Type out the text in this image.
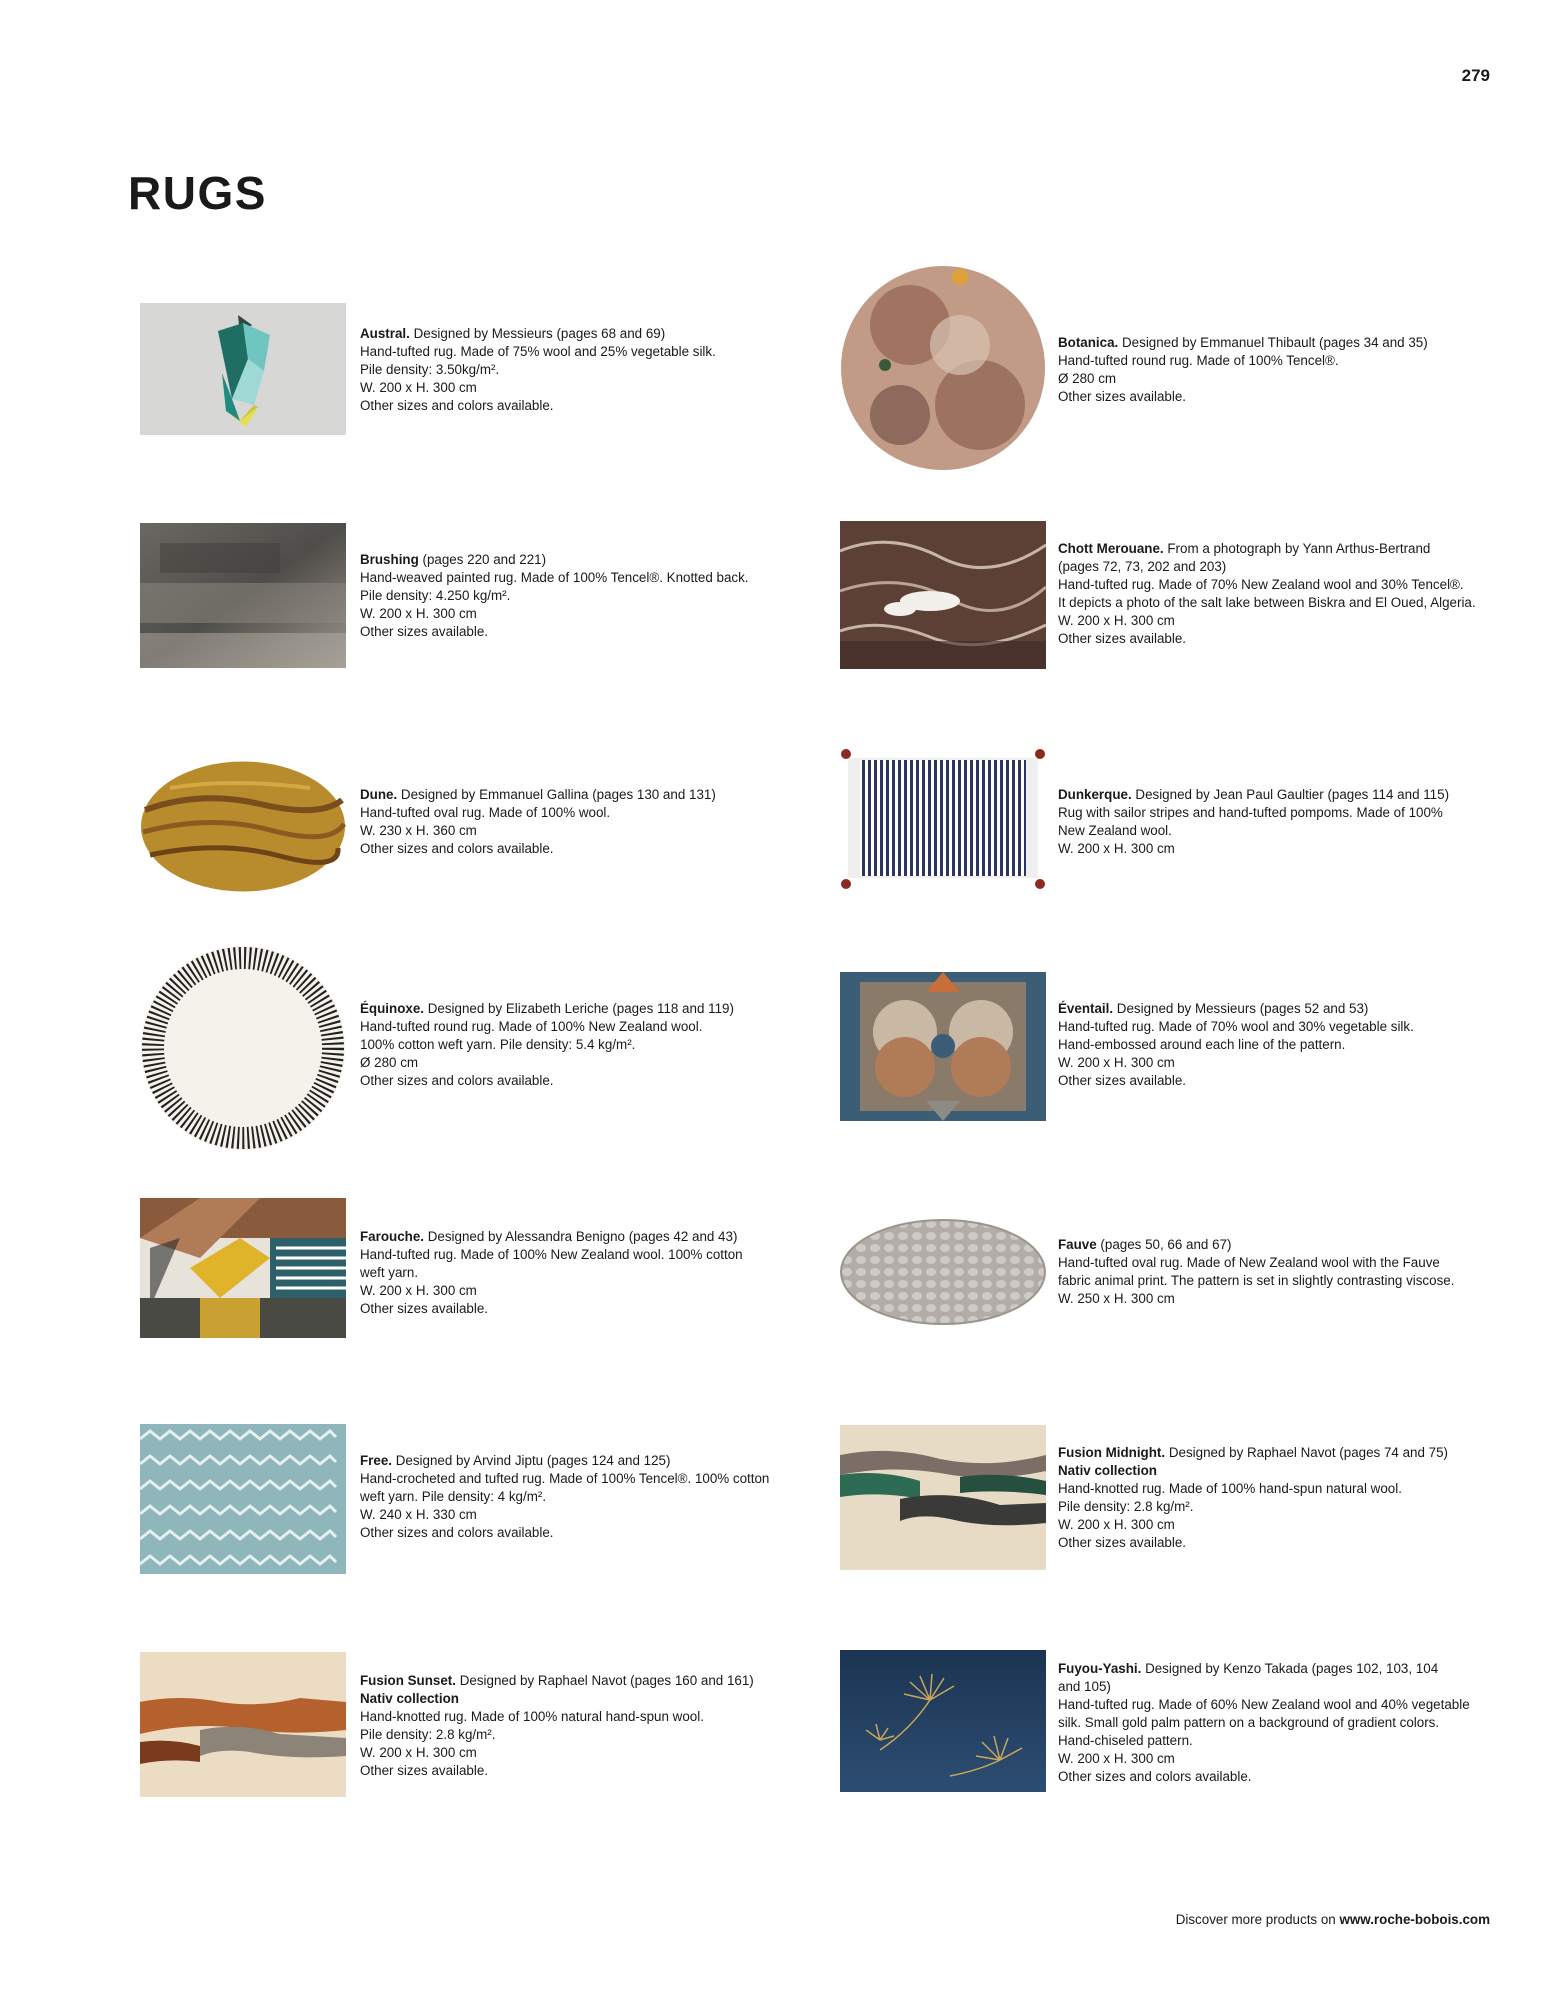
279
RUGS
Austral. Designed by Messieurs (pages 68 and 69)
Hand-tufted rug. Made of 75% wool and 25% vegetable silk.
Pile density: 3.50kg/m².
W. 200 x H. 300 cm
Other sizes and colors available.
Brushing (pages 220 and 221)
Hand-weaved painted rug. Made of 100% Tencel®. Knotted back.
Pile density: 4.250 kg/m².
W. 200 x H. 300 cm
Other sizes available.
Dune. Designed by Emmanuel Gallina (pages 130 and 131)
Hand-tufted oval rug. Made of 100% wool.
W. 230 x H. 360 cm
Other sizes and colors available.
Équinoxe. Designed by Elizabeth Leriche (pages 118 and 119)
Hand-tufted round rug. Made of 100% New Zealand wool.
100% cotton weft yarn. Pile density: 5.4 kg/m².
Ø 280 cm
Other sizes and colors available.
Farouche. Designed by Alessandra Benigno (pages 42 and 43)
Hand-tufted rug. Made of 100% New Zealand wool. 100% cotton
weft yarn.
W. 200 x H. 300 cm
Other sizes available.
Free. Designed by Arvind Jiptu (pages 124 and 125)
Hand-crocheted and tufted rug. Made of 100% Tencel®. 100% cotton
weft yarn. Pile density: 4 kg/m².
W. 240 x H. 330 cm
Other sizes and colors available.
Fusion Sunset. Designed by Raphael Navot (pages 160 and 161)
Nativ collection
Hand-knotted rug. Made of 100% natural hand-spun wool.
Pile density: 2.8 kg/m².
W. 200 x H. 300 cm
Other sizes available.
Botanica. Designed by Emmanuel Thibault (pages 34 and 35)
Hand-tufted round rug. Made of 100% Tencel®.
Ø 280 cm
Other sizes available.
Chott Merouane. From a photograph by Yann Arthus-Bertrand
(pages 72, 73, 202 and 203)
Hand-tufted rug. Made of 70% New Zealand wool and 30% Tencel®.
It depicts a photo of the salt lake between Biskra and El Oued, Algeria.
W. 200 x H. 300 cm
Other sizes available.
Dunkerque. Designed by Jean Paul Gaultier (pages 114 and 115)
Rug with sailor stripes and hand-tufted pompoms. Made of 100%
New Zealand wool.
W. 200 x H. 300 cm
Éventail. Designed by Messieurs (pages 52 and 53)
Hand-tufted rug. Made of 70% wool and 30% vegetable silk.
Hand-embossed around each line of the pattern.
W. 200 x H. 300 cm
Other sizes available.
Fauve (pages 50, 66 and 67)
Hand-tufted oval rug. Made of New Zealand wool with the Fauve
fabric animal print. The pattern is set in slightly contrasting viscose.
W. 250 x H. 300 cm
Fusion Midnight. Designed by Raphael Navot (pages 74 and 75)
Nativ collection
Hand-knotted rug. Made of 100% hand-spun natural wool.
Pile density: 2.8 kg/m².
W. 200 x H. 300 cm
Other sizes available.
Fuyou-Yashi. Designed by Kenzo Takada (pages 102, 103, 104
and 105)
Hand-tufted rug. Made of 60% New Zealand wool and 40% vegetable
silk. Small gold palm pattern on a background of gradient colors.
Hand-chiseled pattern.
W. 200 x H. 300 cm
Other sizes and colors available.
Discover more products on www.roche-bobois.com
